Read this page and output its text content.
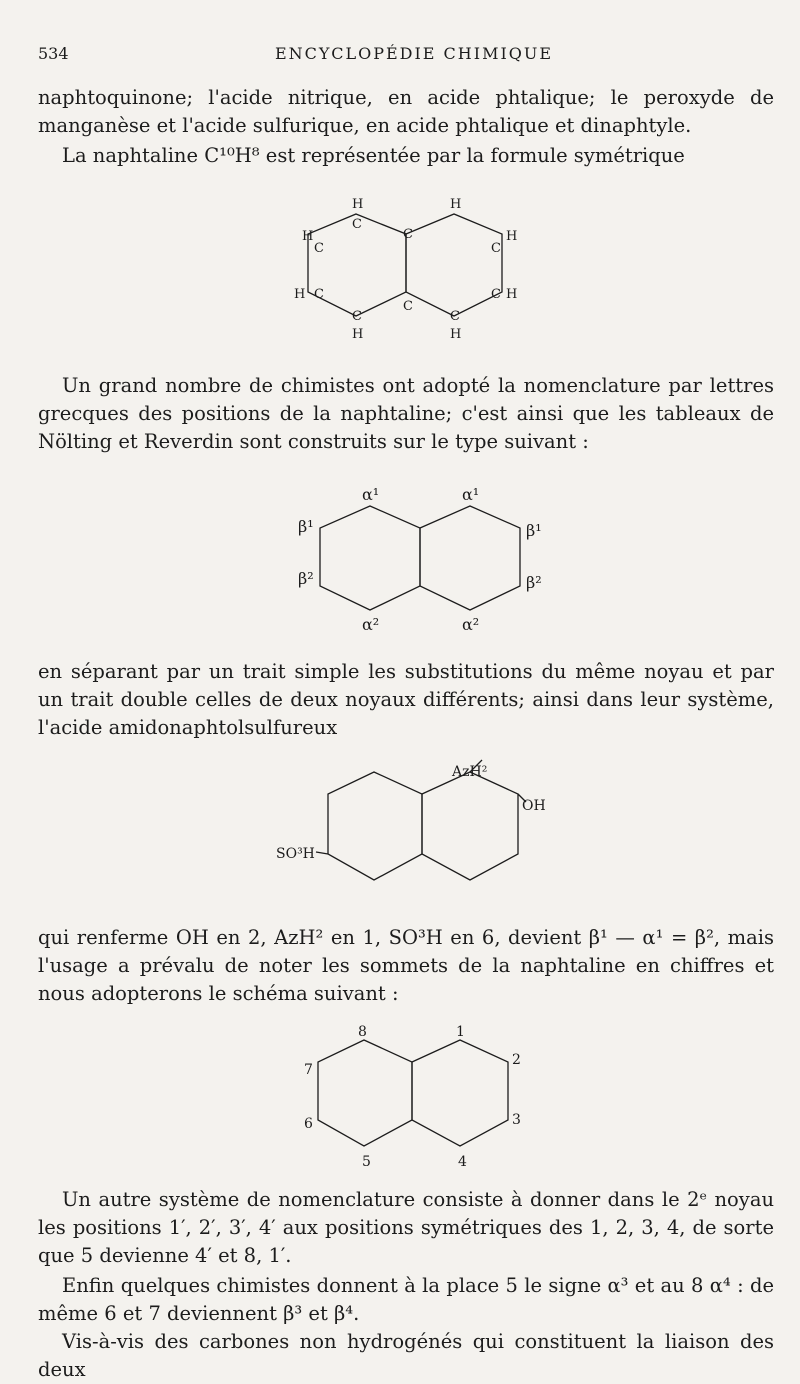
534	ENCYCLOPÉDIE CHIMIQUE

naphtoquinone; l'acide nitrique, en acide phtalique; le peroxyde de manganèse et l'acide sulfurique, en acide phtalique et dinaphtyle.

La naphtaline C¹⁰H⁸ est représentée par la formule symétrique

H	H
C
C
H
C	C
H
H C	C H
C
C	C
H	H

Un grand nombre de chimistes ont adopté la nomenclature par lettres grecques des positions de la naphtaline; c'est ainsi que les tableaux de Nölting et Reverdin sont construits sur le type suivant :

α¹	α¹
β¹	β¹
β²	β²
α²	α²

en séparant par un trait simple les substitutions du même noyau et par un trait double celles de deux noyaux différents; ainsi dans leur système, l'acide amidonaphtolsulfureux

AzH²
OH
SO³H

qui renferme OH en 2, AzH² en 1, SO³H en 6, devient β¹ — α¹ = β², mais l'usage a prévalu de noter les sommets de la naphtaline en chiffres et nous adopterons le schéma suivant :

8	1
7
2
6	3
5	4

Un autre système de nomenclature consiste à donner dans le 2ᵉ noyau les positions 1′, 2′, 3′, 4′ aux positions symétriques des 1, 2, 3, 4, de sorte que 5 devienne 4′ et 8, 1′.

Enfin quelques chimistes donnent à la place 5 le signe α³ et au 8 α⁴ : de même 6 et 7 deviennent β³ et β⁴.

Vis-à-vis des carbones non hydrogénés qui constituent la liaison des deux
